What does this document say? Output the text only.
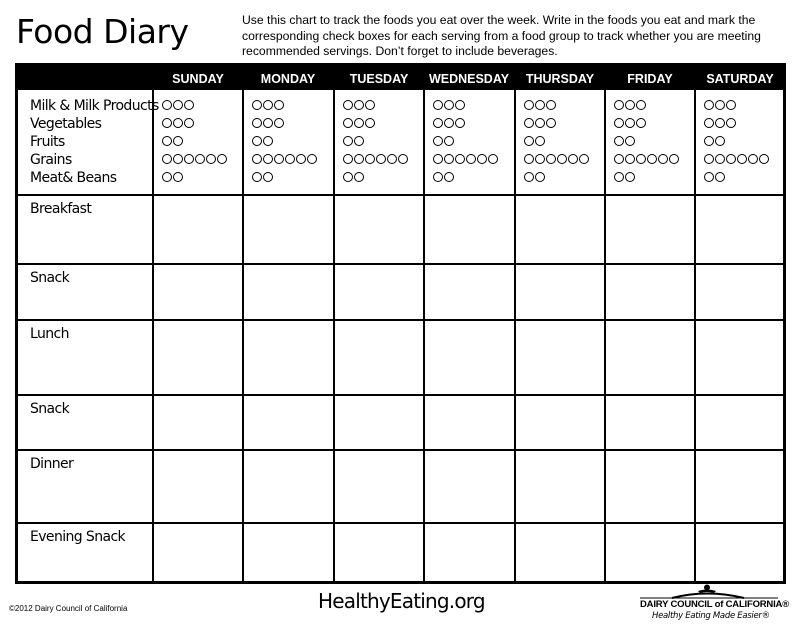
Food Diary	Use this chart to track the foods you eat over the week. Write in the foods you eat and mark the corresponding check boxes for each serving from a food group to track whether you are meeting recommended servings. Don’t forget to include beverages.
SUNDAY	MONDAY	TUESDAY	WEDNESDAY	THURSDAY	FRIDAY	SATURDAY
Milk & Milk Products
Vegetables
Fruits
Grains
Meat& Beans
Breakfast
Snack
Lunch
Snack
Dinner
Evening Snack
©2012 Dairy Council of California	HealthyEating.org	DAIRY COUNCIL of CALIFORNIA®
Healthy Eating Made Easier®
